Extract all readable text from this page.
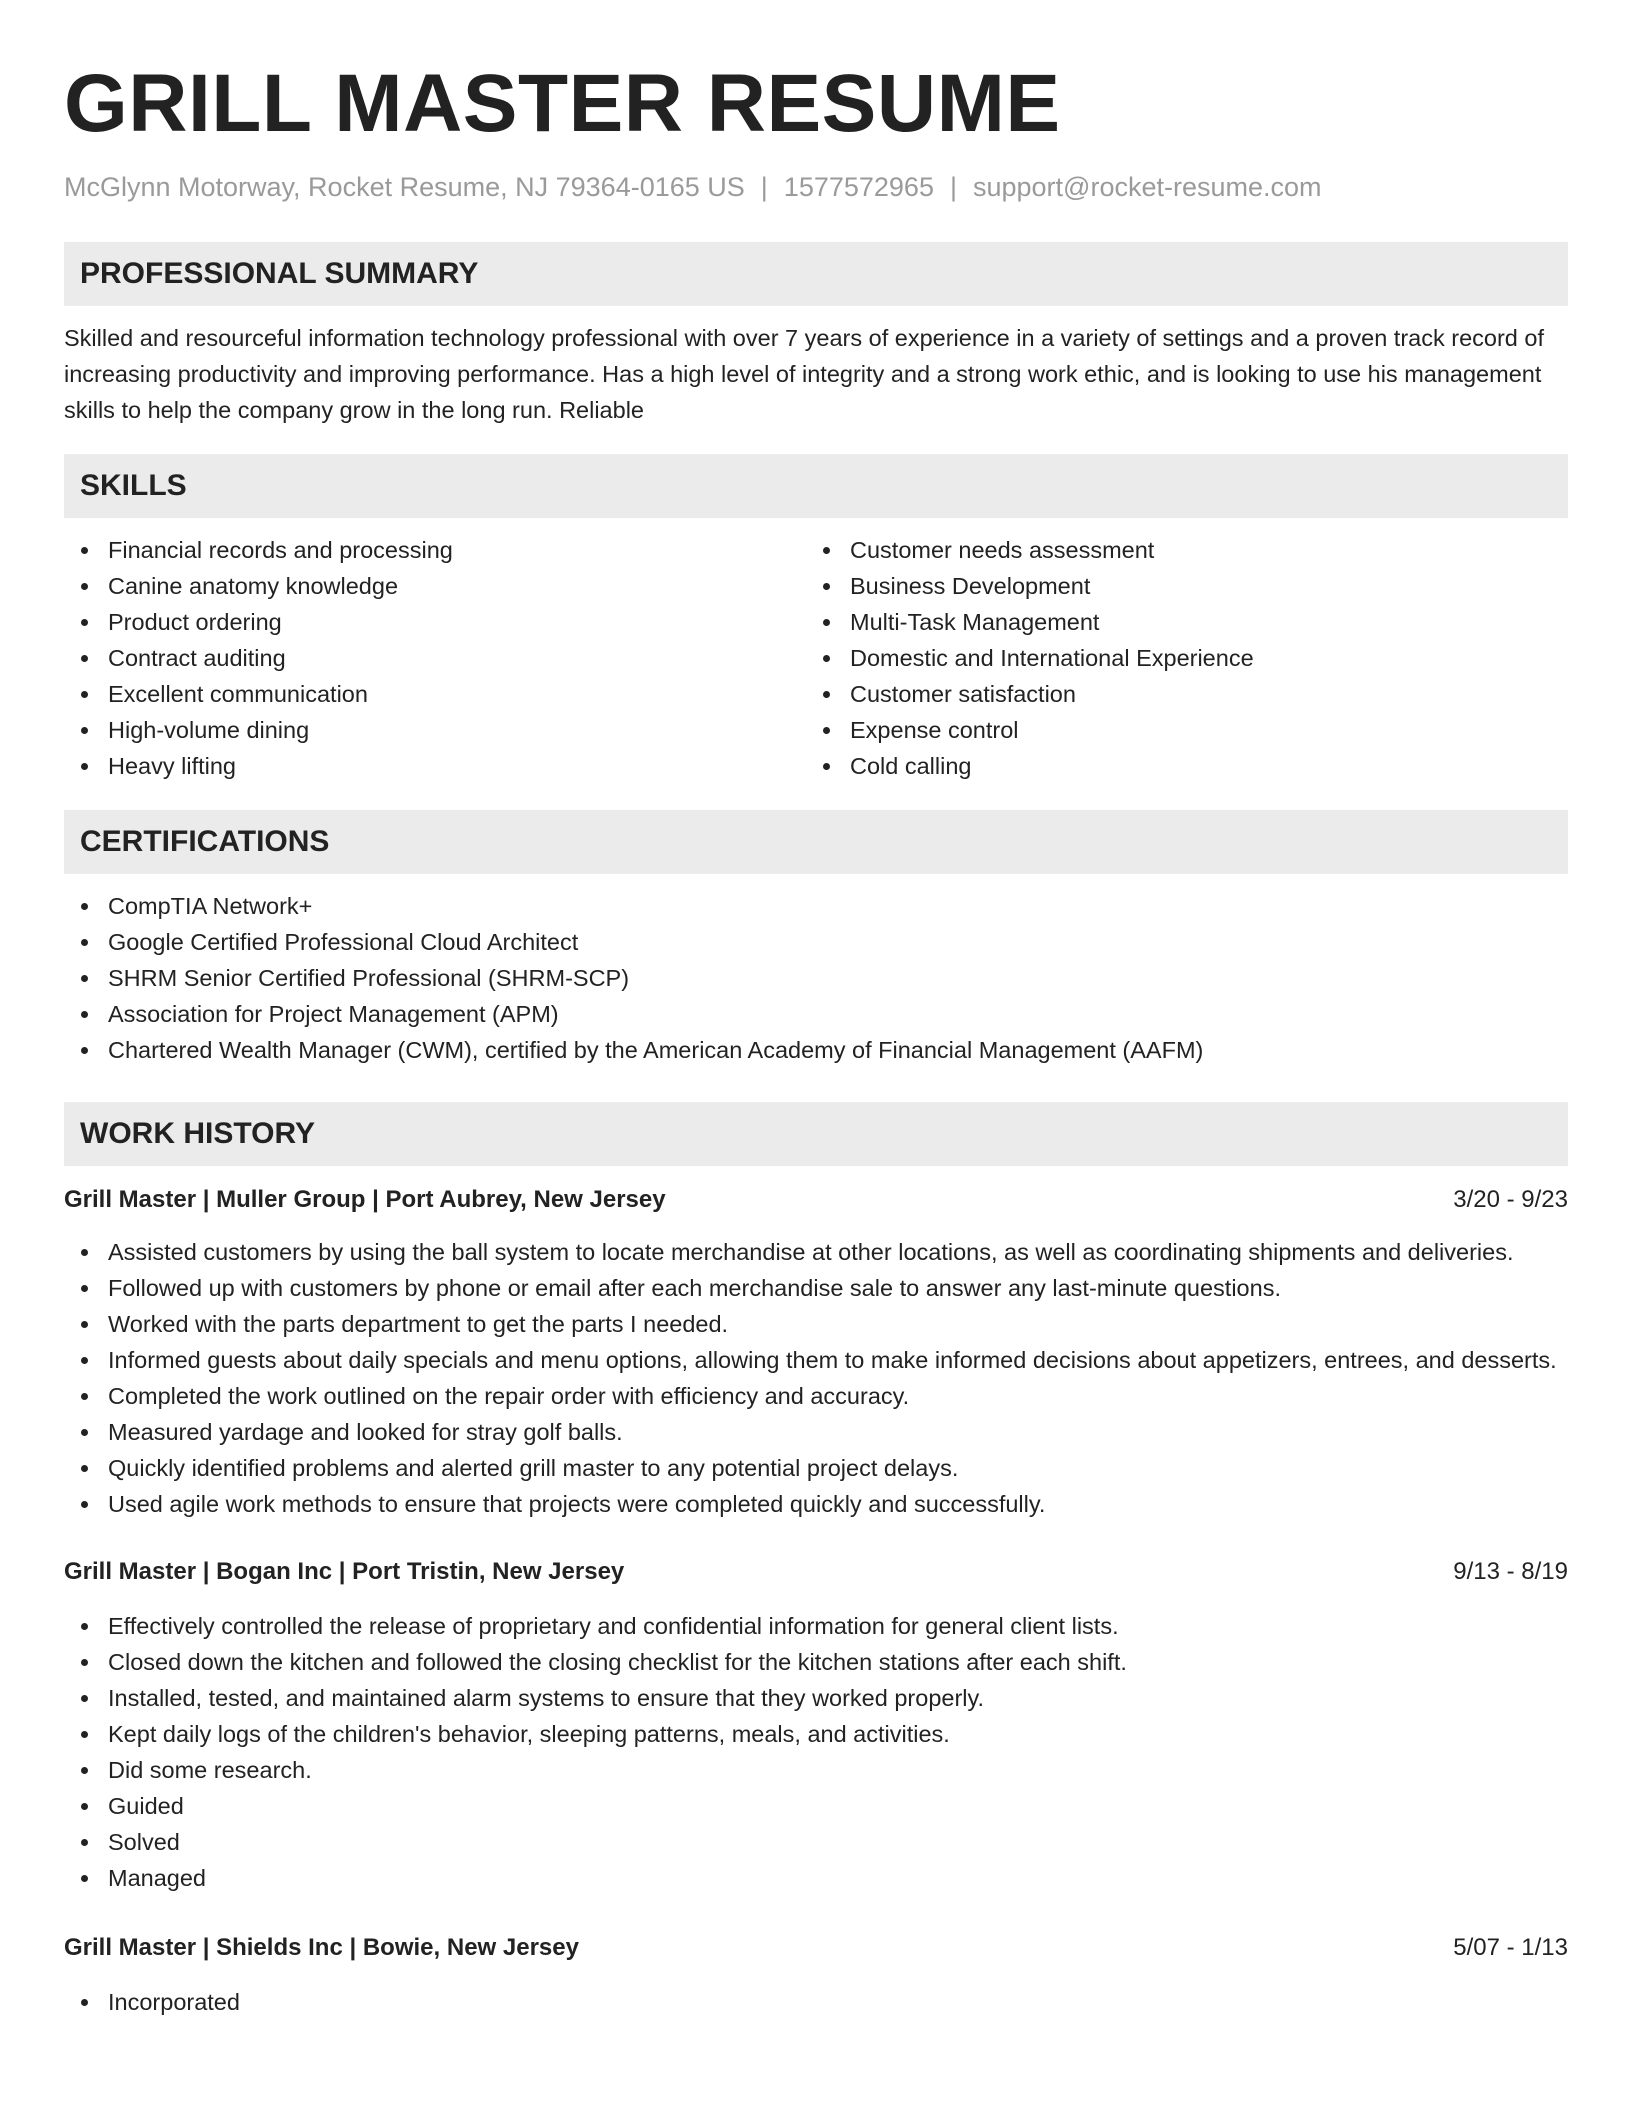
GRILL MASTER RESUME
McGlynn Motorway, Rocket Resume, NJ 79364-0165 US | 1577572965 | support@rocket-resume.com
PROFESSIONAL SUMMARY
Skilled and resourceful information technology professional with over 7 years of experience in a variety of settings and a proven track record of increasing productivity and improving performance. Has a high level of integrity and a strong work ethic, and is looking to use his management skills to help the company grow in the long run. Reliable
SKILLS
Financial records and processing
Canine anatomy knowledge
Product ordering
Contract auditing
Excellent communication
High-volume dining
Heavy lifting
Customer needs assessment
Business Development
Multi-Task Management
Domestic and International Experience
Customer satisfaction
Expense control
Cold calling
CERTIFICATIONS
CompTIA Network+
Google Certified Professional Cloud Architect
SHRM Senior Certified Professional (SHRM-SCP)
Association for Project Management (APM)
Chartered Wealth Manager (CWM), certified by the American Academy of Financial Management (AAFM)
WORK HISTORY
Grill Master | Muller Group | Port Aubrey, New Jersey	3/20 - 9/23
Assisted customers by using the ball system to locate merchandise at other locations, as well as coordinating shipments and deliveries.
Followed up with customers by phone or email after each merchandise sale to answer any last-minute questions.
Worked with the parts department to get the parts I needed.
Informed guests about daily specials and menu options, allowing them to make informed decisions about appetizers, entrees, and desserts.
Completed the work outlined on the repair order with efficiency and accuracy.
Measured yardage and looked for stray golf balls.
Quickly identified problems and alerted grill master to any potential project delays.
Used agile work methods to ensure that projects were completed quickly and successfully.
Grill Master | Bogan Inc | Port Tristin, New Jersey	9/13 - 8/19
Effectively controlled the release of proprietary and confidential information for general client lists.
Closed down the kitchen and followed the closing checklist for the kitchen stations after each shift.
Installed, tested, and maintained alarm systems to ensure that they worked properly.
Kept daily logs of the children's behavior, sleeping patterns, meals, and activities.
Did some research.
Guided
Solved
Managed
Grill Master | Shields Inc | Bowie, New Jersey	5/07 - 1/13
Incorporated
